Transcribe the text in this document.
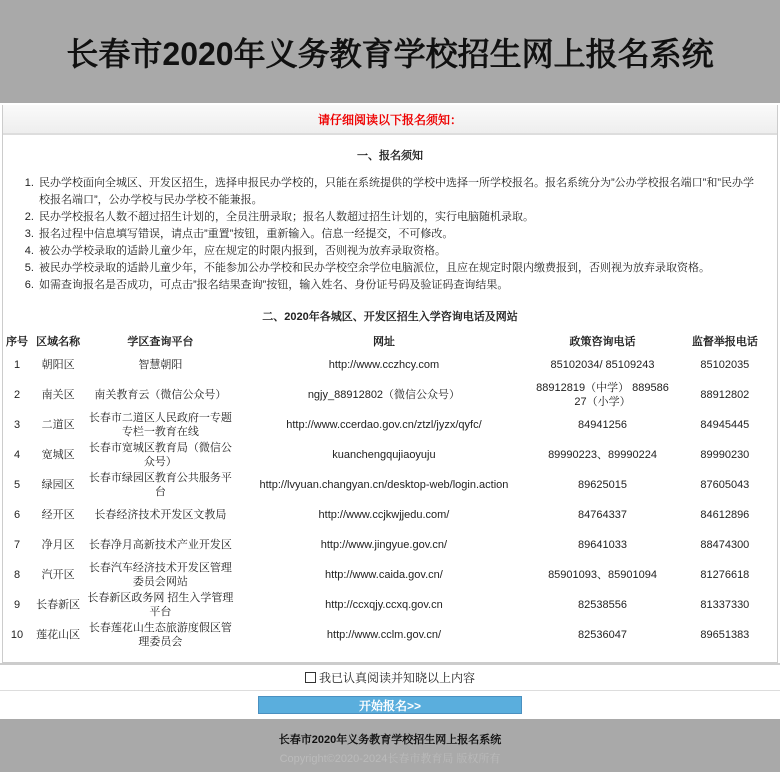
长春市2020年义务教育学校招生网上报名系统
请仔细阅读以下报名须知：
一、报名须知
1. 民办学校面向全城区、开发区招生，选择申报民办学校的，只能在系统提供的学校中选择一所学校报名。报名系统分为”公办学校报名端口”和”民办学校报名端口”，公办学校与民办学校不能兼报。
2. 民办学校报名人数不超过招生计划的，全员注册录取；报名人数超过招生计划的，实行电脑随机录取。
3. 报名过程中信息填写错误，请点击”重置”按钮，重新输入。信息一经提交，不可修改。
4. 被公办学校录取的适龄儿童少年，应在规定的时限内报到，否则视为放弃录取资格。
5. 被民办学校录取的适龄儿童少年，不能参加公办学校和民办学校空余学位电脑派位，且应在规定时限内缴费报到，否则视为放弃录取资格。
6. 如需查询报名是否成功，可点击”报名结果查询”按钮，输入姓名、身份证号码及验证码查询结果。
二、2020年各城区、开发区招生入学咨询电话及网站
序号	区域名称	学区查询平台	网址	政策咨询电话	监督举报电话
1	朝阳区	智慧朝阳	http://www.cczhcy.com	85102034/ 85109243	85102035
2	南关区	南关教育云（微信公众号）	ngjy_88912802（微信公众号）	88912819（中学） 88958627（小学）	88912802
3	二道区	长春市二道区人民政府一专题专栏一教育在线	http://www.ccerdao.gov.cn/ztzl/jyzx/qyfc/	84941256	84945445
4	宽城区	长春市宽城区教育局（微信公众号）	kuanchengqujiaoyuju	89990223、89990224	89990230
5	绿园区	长春市绿园区教育公共服务平台	http://lvyuan.changyan.cn/desktop-web/login.action	89625015	87605043
6	经开区	长春经济技术开发区文教局	http://www.ccjkwjjedu.com/	84764337	84612896
7	净月区	长春净月高新技术产业开发区	http://www.jingyue.gov.cn/	89641033	88474300
8	汽开区	长春汽车经济技术开发区管理委员会网站	http://www.caida.gov.cn/	85901093、85901094	81276618
9	长春新区	长春新区政务网 招生入学管理平台	http://ccxqjy.ccxq.gov.cn	82538556	81337330
10	莲花山区	长春莲花山生态旅游度假区管理委员会	http://www.cclm.gov.cn/	82536047	89651383
我已认真阅读并知晓以上内容
开始报名>>
长春市2020年义务教育学校招生网上报名系统
Copyright©2020-2024长春市教育局 版权所有
